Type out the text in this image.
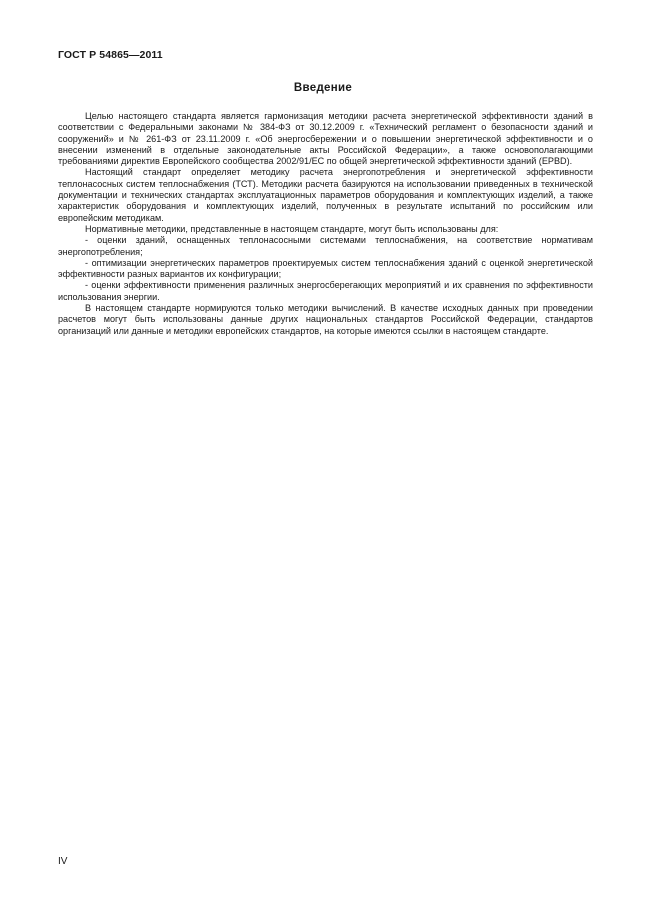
ГОСТ Р 54865—2011
Введение

Целью настоящего стандарта является гармонизация методики расчета энергетической эффективности зданий в соответствии с Федеральными законами № 384-ФЗ от 30.12.2009 г. «Технический регламент о безопасности зданий и сооружений» и № 261-ФЗ от 23.11.2009 г. «Об энергосбережении и о повышении энергетической эффективности и о внесении изменений в отдельные законодательные акты Российской Федерации», а также основополагающими требованиями директив Европейского сообщества 2002/91/ЕС по общей энергетической эффективности зданий (EPBD).

Настоящий стандарт определяет методику расчета энергопотребления и энергетической эффективности теплонасосных систем теплоснабжения (ТСТ). Методики расчета базируются на использовании приведенных в технической документации и технических стандартах эксплуатационных параметров оборудования и комплектующих изделий, а также характеристик оборудования и комплектующих изделий, полученных в результате испытаний по российским или европейским методикам.

Нормативные методики, представленные в настоящем стандарте, могут быть использованы для:

- оценки зданий, оснащенных теплонасосными системами теплоснабжения, на соответствие нормативам энергопотребления;

- оптимизации энергетических параметров проектируемых систем теплоснабжения зданий с оценкой энергетической эффективности разных вариантов их конфигурации;

- оценки эффективности применения различных энергосберегающих мероприятий и их сравнения по эффективности использования энергии.

В настоящем стандарте нормируются только методики вычислений. В качестве исходных данных при проведении расчетов могут быть использованы данные других национальных стандартов Российской Федерации, стандартов организаций или данные и методики европейских стандартов, на которые имеются ссылки в настоящем стандарте.

IV
